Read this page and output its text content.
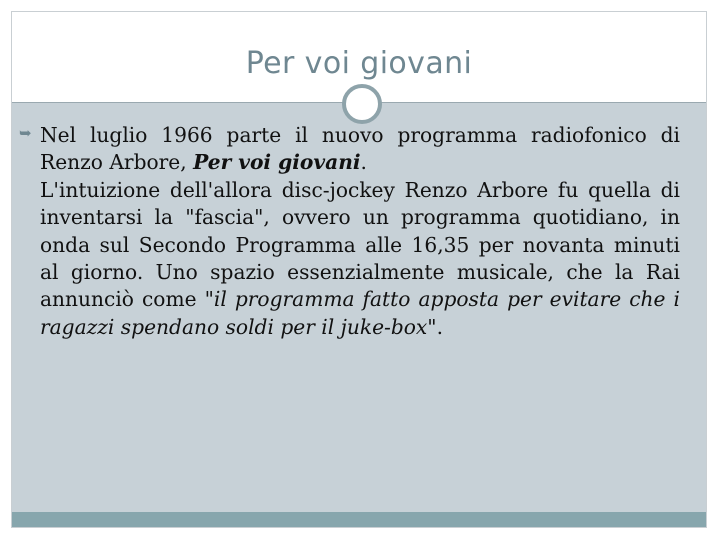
Per voi giovani
➥ Nel luglio 1966 parte il nuovo programma radiofonico di Renzo Arbore, Per voi giovani.
L'intuizione dell'allora disc-jockey Renzo Arbore fu quella di inventarsi la "fascia", ovvero un programma quotidiano, in onda sul Secondo Programma alle 16,35 per novanta minuti al giorno. Uno spazio essenzialmente musicale, che la Rai annunciò come "il programma fatto apposta per evitare che i ragazzi spendano soldi per il juke-box".
